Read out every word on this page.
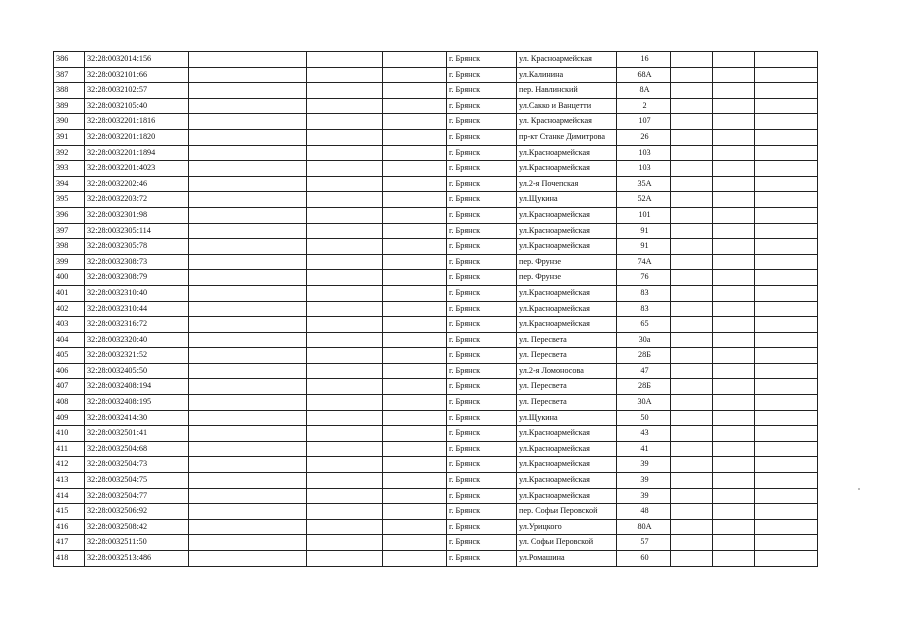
386	32:28:0032014:156				г. Брянск	ул. Красноармейская	16			
387	32:28:0032101:66				г. Брянск	ул.Калинина	68А			
388	32:28:0032102:57				г. Брянск	пер. Навлинский	8А			
389	32:28:0032105:40				г. Брянск	ул.Сакко и Ванцетти	2			
390	32:28:0032201:1816				г. Брянск	ул. Красноармейская	107			
391	32:28:0032201:1820				г. Брянск	пр-кт Станке Димитрова	26			
392	32:28:0032201:1894				г. Брянск	ул.Красноармейская	103			
393	32:28:0032201:4023				г. Брянск	ул.Красноармейская	103			
394	32:28:0032202:46				г. Брянск	ул.2-я Почепская	35А			
395	32:28:0032203:72				г. Брянск	ул.Щукина	52А			
396	32:28:0032301:98				г. Брянск	ул.Красноармейская	101			
397	32:28:0032305:114				г. Брянск	ул.Красноармейская	91			
398	32:28:0032305:78				г. Брянск	ул.Красноармейская	91			
399	32:28:0032308:73				г. Брянск	пер. Фрунзе	74А			
400	32:28:0032308:79				г. Брянск	пер. Фрунзе	76			
401	32:28:0032310:40				г. Брянск	ул.Красноармейская	83			
402	32:28:0032310:44				г. Брянск	ул.Красноармейская	83			
403	32:28:0032316:72				г. Брянск	ул.Красноармейская	65			
404	32:28:0032320:40				г. Брянск	ул. Пересвета	30а			
405	32:28:0032321:52				г. Брянск	ул. Пересвета	28Б			
406	32:28:0032405:50				г. Брянск	ул.2-я Ломоносова	47			
407	32:28:0032408:194				г. Брянск	ул. Пересвета	28Б			
408	32:28:0032408:195				г. Брянск	ул. Пересвета	30А			
409	32:28:0032414:30				г. Брянск	ул.Щукина	50			
410	32:28:0032501:41				г. Брянск	ул.Красноармейская	43			
411	32:28:0032504:68				г. Брянск	ул.Красноармейская	41			
412	32:28:0032504:73				г. Брянск	ул.Красноармейская	39			
413	32:28:0032504:75				г. Брянск	ул.Красноармейская	39			
414	32:28:0032504:77				г. Брянск	ул.Красноармейская	39			
415	32:28:0032506:92				г. Брянск	пер. Софьи Перовской	48			
416	32:28:0032508:42				г. Брянск	ул.Урицкого	80А			
417	32:28:0032511:50				г. Брянск	ул. Софьи Перовской	57			
418	32:28:0032513:486				г. Брянск	ул.Ромашина	60			
